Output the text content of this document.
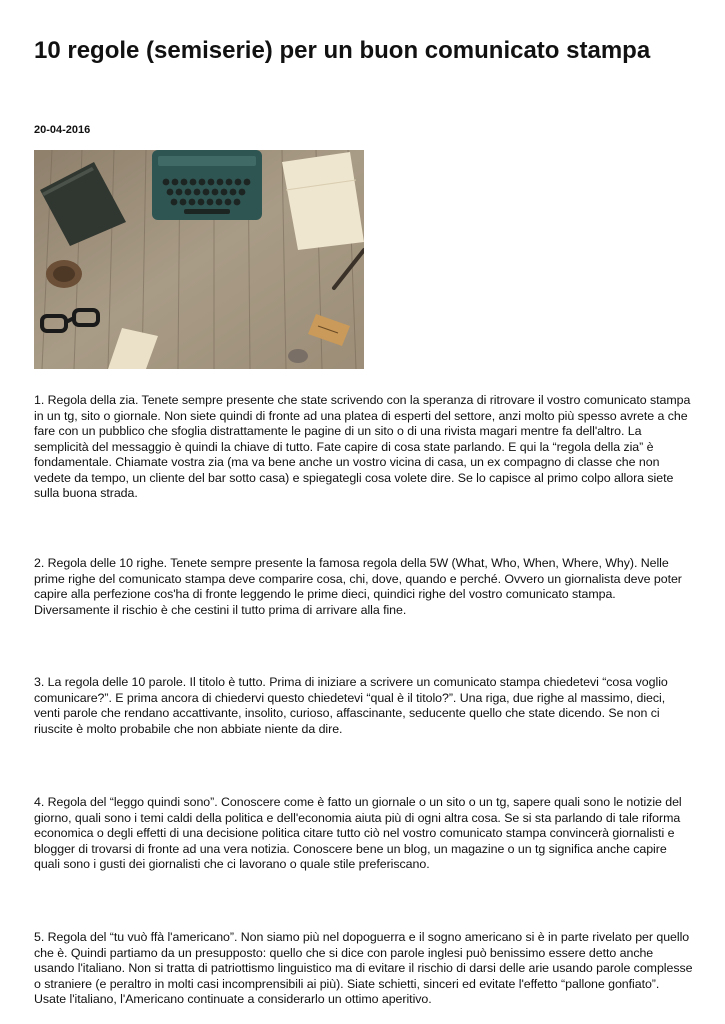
10 regole (semiserie) per un buon comunicato stampa
20-04-2016

1. Regola della zia. Tenete sempre presente che state scrivendo con la speranza di ritrovare il vostro comunicato stampa in un tg, sito o giornale. Non siete quindi di fronte ad una platea di esperti del settore, anzi molto più spesso avrete a che fare con un pubblico che sfoglia distrattamente le pagine di un sito o di una rivista magari mentre fa dell'altro. La semplicità del messaggio è quindi la chiave di tutto. Fate capire di cosa state parlando. E qui la “regola della zia” è fondamentale. Chiamate vostra zia (ma va bene anche un vostro vicina di casa, un ex compagno di classe che non vedete da tempo, un cliente del bar sotto casa) e spiegategli cosa volete dire. Se lo capisce al primo colpo allora siete sulla buona strada.

2. Regola delle 10 righe. Tenete sempre presente la famosa regola della 5W (What, Who, When, Where, Why). Nelle prime righe del comunicato stampa deve comparire cosa, chi, dove, quando e perché. Ovvero un giornalista deve poter capire alla perfezione cos'ha di fronte leggendo le prime dieci, quindici righe del vostro comunicato stampa. Diversamente il rischio è che cestini il tutto prima di arrivare alla fine.

3. La regola delle 10 parole. Il titolo è tutto. Prima di iniziare a scrivere un comunicato stampa chiedetevi “cosa voglio comunicare?”. E prima ancora di chiedervi questo chiedetevi “qual è il titolo?”. Una riga, due righe al massimo, dieci, venti parole che rendano accattivante, insolito, curioso, affascinante, seducente quello che state dicendo. Se non ci riuscite è molto probabile che non abbiate niente da dire.

4. Regola del “leggo quindi sono”. Conoscere come è fatto un giornale o un sito o un tg, sapere quali sono le notizie del giorno, quali sono i temi caldi della politica e dell'economia aiuta più di ogni altra cosa. Se si sta parlando di tale riforma economica o degli effetti di una decisione politica citare tutto ciò nel vostro comunicato stampa convincerà giornalisti e blogger di trovarsi di fronte ad una vera notizia. Conoscere bene un blog, un magazine o un tg significa anche capire quali sono i gusti dei giornalisti che ci lavorano o quale stile preferiscano.

5. Regola del “tu vuò ffà l'americano”. Non siamo più nel dopoguerra e il sogno americano si è in parte rivelato per quello che è. Quindi partiamo da un presupposto: quello che si dice con parole inglesi può benissimo essere detto anche usando l'italiano. Non si tratta di patriottismo linguistico ma di evitare il rischio di darsi delle arie usando parole complesse o straniere (e peraltro in molti casi incomprensibili ai più). Siate schietti, sinceri ed evitate l'effetto “pallone gonfiato”. Usate l'italiano, l'Americano continuate a considerarlo un ottimo aperitivo.
